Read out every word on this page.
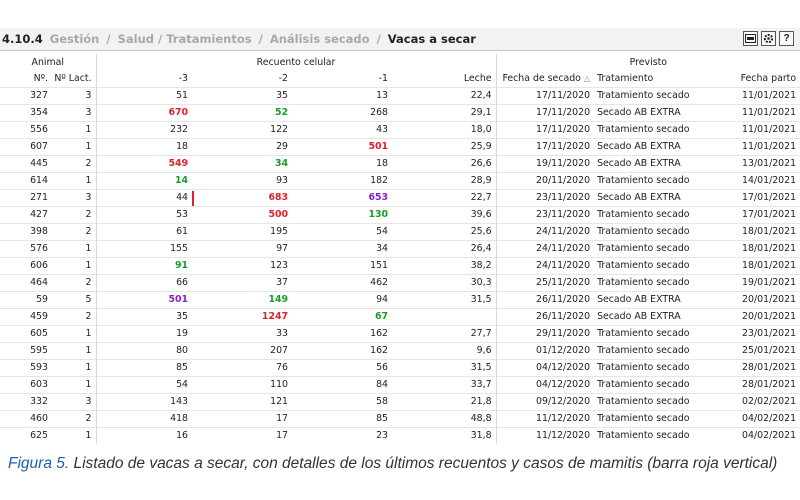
4.10.4 Gestión / Salud / Tratamientos / Análisis secado / Vacas a secar	?
Animal		Recuento celular				Previsto		
Nº.	Nº Lact.	-3	-2	-1	Leche	Fecha de secado △	Tratamiento	Fecha parto
327	3	51	35	13	22,4	17/11/2020	Tratamiento secado	11/01/2021
354	3	670	52	268	29,1	17/11/2020	Secado AB EXTRA	11/01/2021
556	1	232	122	43	18,0	17/11/2020	Tratamiento secado	11/01/2021
607	1	18	29	501	25,9	17/11/2020	Secado AB EXTRA	11/01/2021
445	2	549	34	18	26,6	19/11/2020	Secado AB EXTRA	13/01/2021
614	1	14	93	182	28,9	20/11/2020	Tratamiento secado	14/01/2021
271	3	44	683	653	22,7	23/11/2020	Secado AB EXTRA	17/01/2021
427	2	53	500	130	39,6	23/11/2020	Tratamiento secado	17/01/2021
398	2	61	195	54	25,6	24/11/2020	Tratamiento secado	18/01/2021
576	1	155	97	34	26,4	24/11/2020	Tratamiento secado	18/01/2021
606	1	91	123	151	38,2	24/11/2020	Tratamiento secado	18/01/2021
464	2	66	37	462	30,3	25/11/2020	Tratamiento secado	19/01/2021
59	5	501	149	94	31,5	26/11/2020	Secado AB EXTRA	20/01/2021
459	2	35	1247	67		26/11/2020	Secado AB EXTRA	20/01/2021
605	1	19	33	162	27,7	29/11/2020	Tratamiento secado	23/01/2021
595	1	80	207	162	9,6	01/12/2020	Tratamiento secado	25/01/2021
593	1	85	76	56	31,5	04/12/2020	Tratamiento secado	28/01/2021
603	1	54	110	84	33,7	04/12/2020	Tratamiento secado	28/01/2021
332	3	143	121	58	21,8	09/12/2020	Tratamiento secado	02/02/2021
460	2	418	17	85	48,8	11/12/2020	Tratamiento secado	04/02/2021
625	1	16	17	23	31,8	11/12/2020	Tratamiento secado	04/02/2021
Figura 5. Listado de vacas a secar, con detalles de los últimos recuentos y casos de mamitis (barra roja vertical)
